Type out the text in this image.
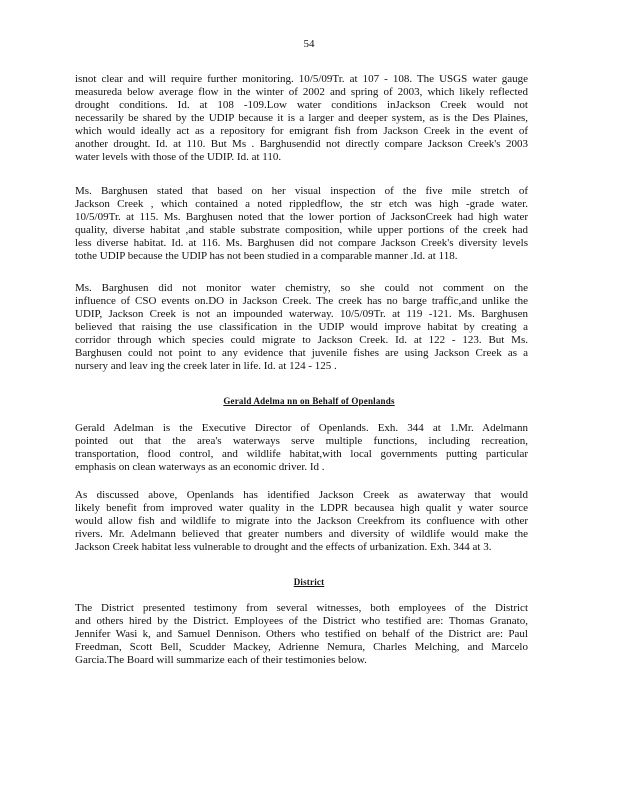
54
isnot clear and will require further monitoring. 10/5/09Tr. at 107 - 108. The USGS water gauge
measureda below average flow in the winter of 2002 and spring of 2003, which likely reflected
drought conditions. Id. at 108 -109.Low water conditions inJackson Creek would not
necessarily be shared by the UDIP because it is a larger and deeper system, as is the Des Plaines,
which would ideally act as a repository for emigrant fish from Jackson Creek in the event of
another drought. Id. at 110. But Ms . Barghusendid not directly compare Jackson Creek's 2003
water levels with those of the UDIP. Id. at 110.
Ms. Barghusen stated that based on her visual inspection of the five mile stretch of
Jackson Creek , which contained a noted rippledflow, the str etch was high -grade water.
10/5/09Tr. at 115. Ms. Barghusen noted that the lower portion of JacksonCreek had high water
quality, diverse habitat ,and stable substrate composition, while upper portions of the creek had
less diverse habitat. Id. at 116. Ms. Barghusen did not compare Jackson Creek's diversity levels
tothe UDIP because the UDIP has not been studied in a comparable manner .Id. at 118.
Ms. Barghusen did not monitor water chemistry, so she could not comment on the
influence of CSO events on.DO in Jackson Creek. The creek has no barge traffic,and unlike the
UDIP, Jackson Creek is not an impounded waterway. 10/5/09Tr. at 119 -121. Ms. Barghusen
believed that raising the use classification in the UDIP would improve habitat by creating a
corridor through which species could migrate to Jackson Creek. Id. at 122 - 123. But Ms.
Barghusen could not point to any evidence that juvenile fishes are using Jackson Creek as a
nursery and leav ing the creek later in life. Id. at 124 - 125 .
Gerald Adelma nn on Behalf of Openlands
Gerald Adelman is the Executive Director of Openlands. Exh. 344 at 1.Mr. Adelmann
pointed out that the area's waterways serve multiple functions, including recreation,
transportation, flood control, and wildlife habitat,with local governments putting particular
emphasis on clean waterways as an economic driver. Id .
As discussed above, Openlands has identified Jackson Creek as awaterway that would
likely benefit from improved water quality in the LDPR becausea high qualit y water source
would allow fish and wildlife to migrate into the Jackson Creekfrom its confluence with other
rivers. Mr. Adelmann believed that greater numbers and diversity of wildlife would make the
Jackson Creek habitat less vulnerable to drought and the effects of urbanization. Exh. 344 at 3.
District
The District presented testimony from several witnesses, both employees of the District
and others hired by the District. Employees of the District who testified are: Thomas Granato,
Jennifer Wasi k, and Samuel Dennison. Others who testified on behalf of the District are: Paul
Freedman, Scott Bell, Scudder Mackey, Adrienne Nemura, Charles Melching, and Marcelo
Garcia.The Board will summarize each of their testimonies below.
